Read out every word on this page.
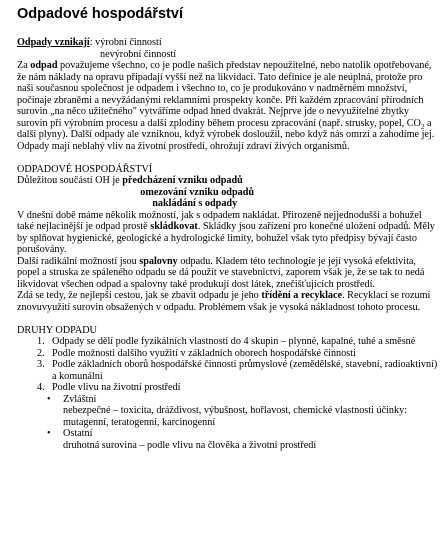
Odpadové hospodářství
Odpady vznikají : výrobní činností
nevýrobní činností

Za odpad považujeme všechno, co je podle našich představ nepoužitelné, nebo natolik opotřebované, že nám náklady na opravu připadají vyšší než na likvidaci. Tato definice je ale neúplná, protože pro naši současnou společnost je odpadem i všechno to, co je produkováno v nadměrném množství, počínaje zbraněmi a nevyžádanými reklamními prospekty konče. Při každém zpracování přírodních surovin „na něco užitečného" vytváříme odpad hned dvakrát. Nejprve jde o nevyužitelné zbytky surovin při výrobním procesu a další zplodiny během procesu zpracování (např. strusky, popel, $CO_2$ a další plyny). Další odpady ale vzniknou, když výrobek dosloužil, nebo když nás omrzí a zahodíme jej.

Odpady mají neblahý vliv na životní prostředí, ohrožují zdraví živých organismů.

ODPADOVÉ HOSPODÁŘSTVÍ

Důležitou součástí OH je předcházení vzniku odpadů
omezování vzniku odpadů
nakládání s odpady

V dnešní době máme několik možností, jak s odpadem nakládat. Přirozeně nejjednodušší a bohužel také nejlacinější je odpad prostě skládkovat. Skládky jsou zařízení pro konečné uložení odpadů. Měly by splňovat hygienické, geologické a hydrologické limity, bohužel však tyto předpisy bývají často porušovány.

Další radikální možností jsou spalovny odpadu. Kladem této technologie je její vysoká efektivita, popel a struska ze spáleného odpadu se dá použít ve stavebnictví, zaporem však je, že se tak to nedá likvidovat všechen odpad a spalovny také produkují dost látek, znečišťujících prostředí.

Zdá se tedy, že nejlepší cestou, jak se zbavit odpadu je jeho třídění a recyklace. Recyklací se rozumí znovuvyužití surovin obsažených v odpadu. Problémem však je vysoká nákladnost tohoto procesu.

DRUHY ODPADU

1. Odpady se dělí podle fyzikálních vlastností do 4 skupin – plynné, kapalné, tuhé a směsné
2. Podle možnosti dalšího využití v základních oborech hospodářské činnosti
3. Podle základních oborů hospodářské činnosti průmyslové (zemědělské, stavební, radioaktivní) a komunální
4. Podle vlivu na životní prostředí
•	Zvláštní
nebezpečné – toxicita, dráždivost, výbušnost, hořlavost, chemické vlastnosti účinky: mutagenní, teratogenní, karcinogenní
•	Ostatní
druhotná surovina – podle vlivu na člověka a životní prostředí
